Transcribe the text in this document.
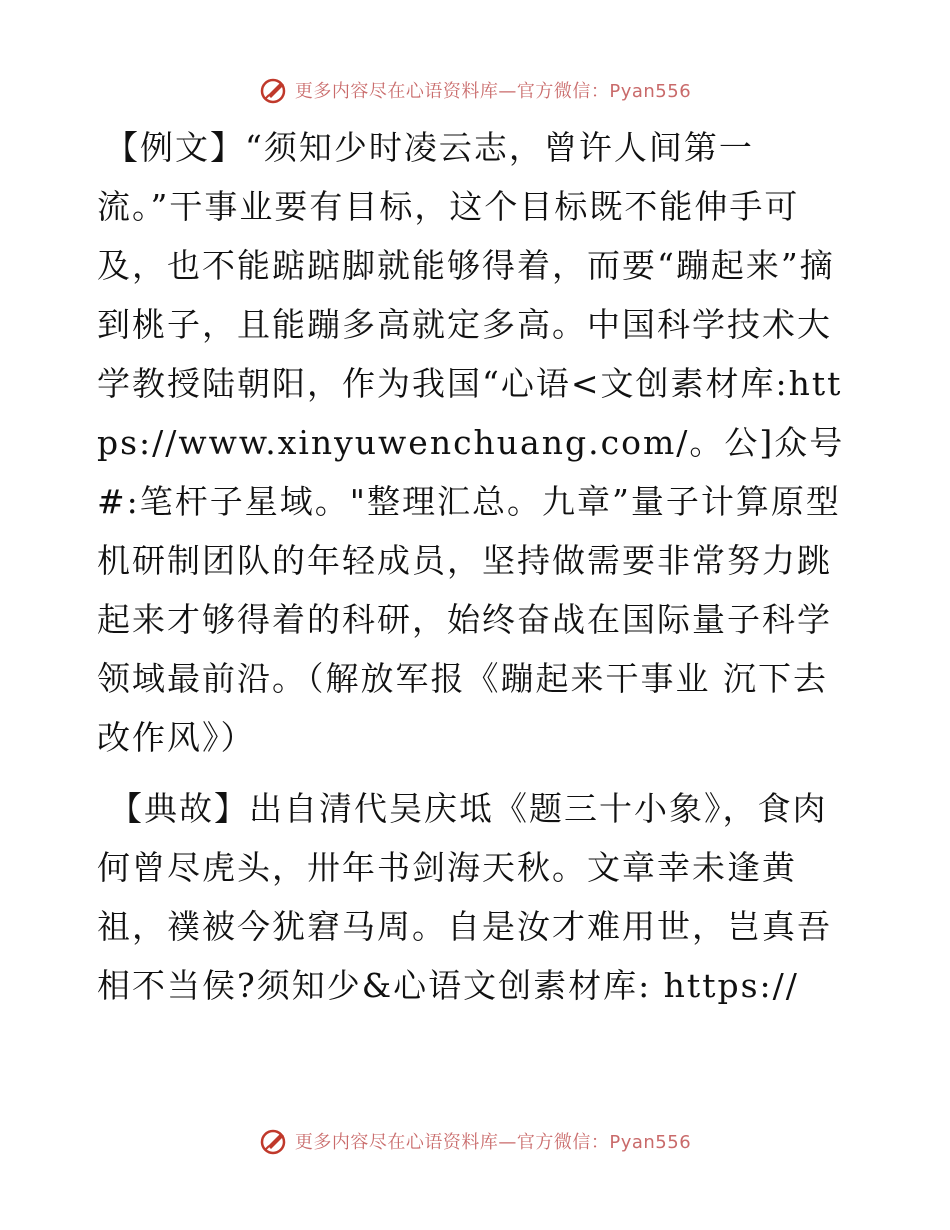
更多内容尽在心语资料库—官方微信：Pyan556

【例文】“须知少时凌云志，曾许人间第一流。”干事业要有目标，这个目标既不能伸手可及，也不能踮踮脚就能够得着，而要“蹦起来”摘到桃子，且能蹦多高就定多高。中国科学技术大学教授陆朝阳，作为我国“心语<文创素材库:https://www.xinyuwenchuang.com/。公]众号#:笔杆子星域。"整理汇总。九章”量子计算原型机研制团队的年轻成员，坚持做需要非常努力跳起来才够得着的科研，始终奋战在国际量子科学领域最前沿。（解放军报《蹦起来干事业 沉下去改作风》）

【典故】出自清代吴庆坻《题三十小象》，食肉何曾尽虎头，卅年书剑海天秋。文章幸未逢黄祖，襆被今犹窘马周。自是汝才难用世，岂真吾相不当侯?须知少&心语文创素材库: https://

更多内容尽在心语资料库—官方微信：Pyan556
